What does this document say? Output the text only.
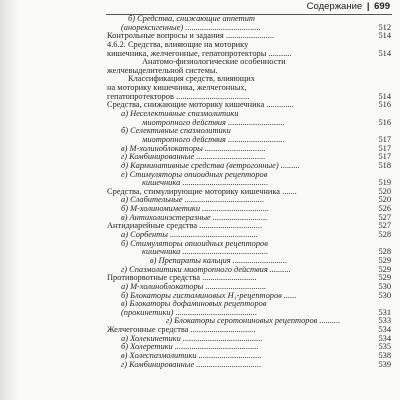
Содержание | 699
б) Средства, снижающие аппетит
(анорексигенные) ....................................	512
Контрольные вопросы и задания .......................	514
4.6.2. Средства, влияющие на моторику
кишечника, желчегонные, гепатопротекторы ...........	514
Анатомо-физиологические особенности
желчевыделительной системы.
Классификация средств, влияющих
на моторику кишечника, желчегонных,
гепатопротекторов ...................................	514
Средства, снижающие моторику кишечника .............	516
а) Неселективные спазмолитики
миотропного действия ...........................	516
б) Селективные спазмолитики
миотропного действия ...........................	517
в) М-холиноблокаторы .............................	517
г) Комбинированные .................................	517
д) Карминативные средства (ветрогонные) .........	518
е) Стимуляторы опиоидных рецепторов
кишечника .........................................	519
Средства, стимулирующие моторику кишечника .......	520
а) Слабительные ......................................	520
б) М-холиномиметики ................................	526
в) Антихолинэстеразные ..........................	527
Антидиарейные средства ..............................	527
а) Сорбенты ..........................................	528
б) Стимуляторы опиоидных рецепторов
кишечника .........................................	528
в) Препараты кальция ..........................	529
г) Спазмолитики миотропного действия ..........	529
Противорвотные средства ..........................	529
а) М-холиноблокаторы .............................	530
б) Блокаторы гистаминовых Н₁-рецепторов ......	530
в) Блокаторы дофаминовых рецепторов
(прокинетики) .......................................	531
г) Блокаторы серотониновых рецепторов ..........	533
Желчегонные средства ...............................	534
а) Холекинетики ......................................	534
б) Холеретики ........................................	535
в) Холеспазмолитики ..............................	538
г) Комбинированные ...............................	539
